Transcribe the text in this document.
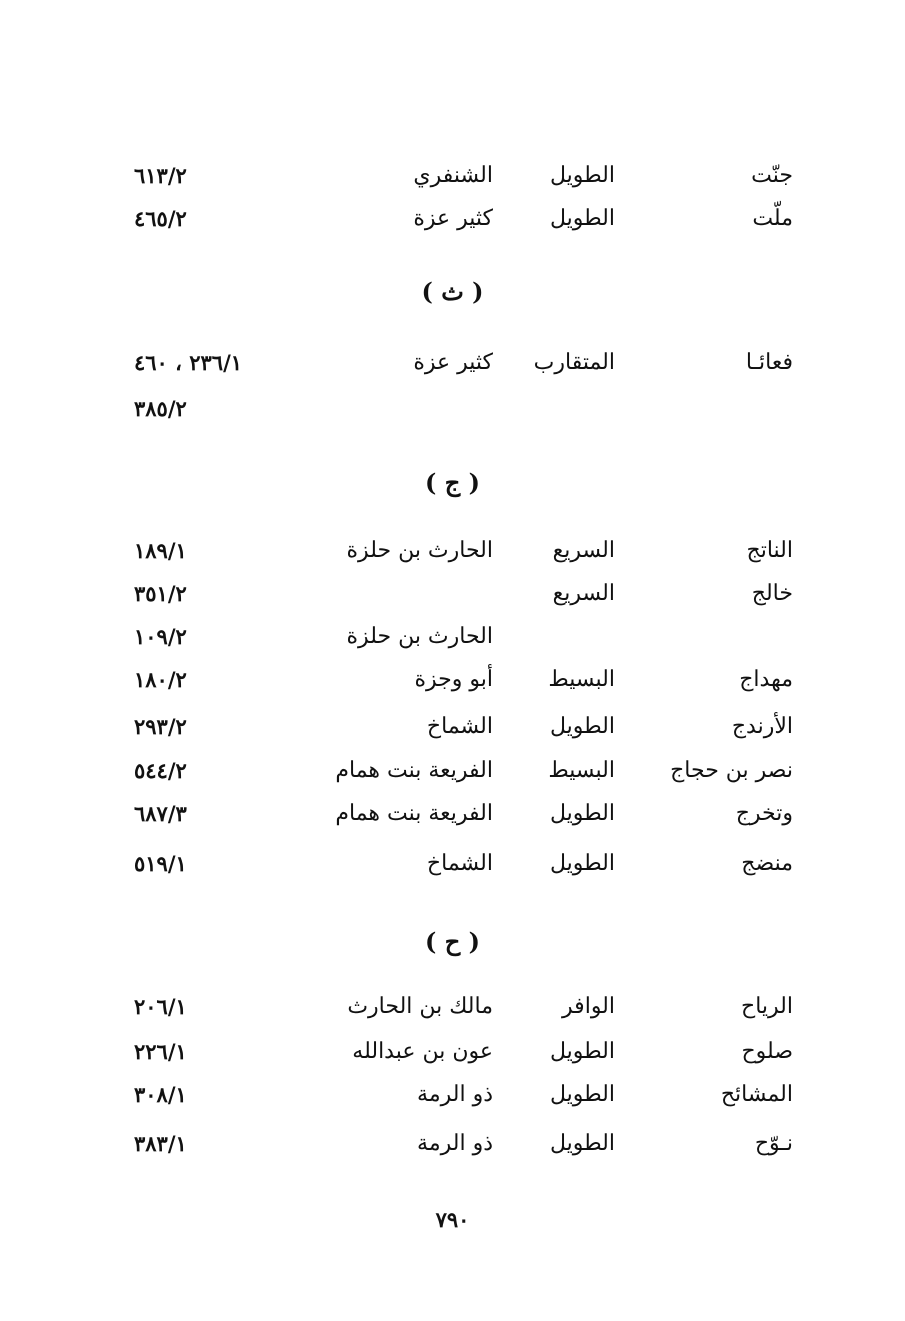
جنّت
الطويل
الشنفري
٦١٣/٢
ملّت
الطويل
كثير عزة
٤٦٥/٢
( ث )
فعائـا
المتقارب
كثير عزة
٢٣٦/١ ، ٤٦٠
٣٨٥/٢
( ج )
الناتج
السريع
الحارث بن حلزة
١٨٩/١
خالج
السريع
٣٥١/٢
الحارث بن حلزة
١٠٩/٢
مهداج
البسيط
أبو وجزة
١٨٠/٢
الأرندج
الطويل
الشماخ
٢٩٣/٢
نصر بن حجاج
البسيط
الفريعة بنت همام
٥٤٤/٢
وتخرج
الطويل
الفريعة بنت همام
٦٨٧/٣
منضج
الطويل
الشماخ
٥١٩/١
( ح )
الرياح
الوافر
مالك بن الحارث
٢٠٦/١
صلوح
الطويل
عون بن عبدالله
٢٢٦/١
المشائح
الطويل
ذو الرمة
٣٠٨/١
نـوّح
الطويل
ذو الرمة
٣٨٣/١
٧٩٠
